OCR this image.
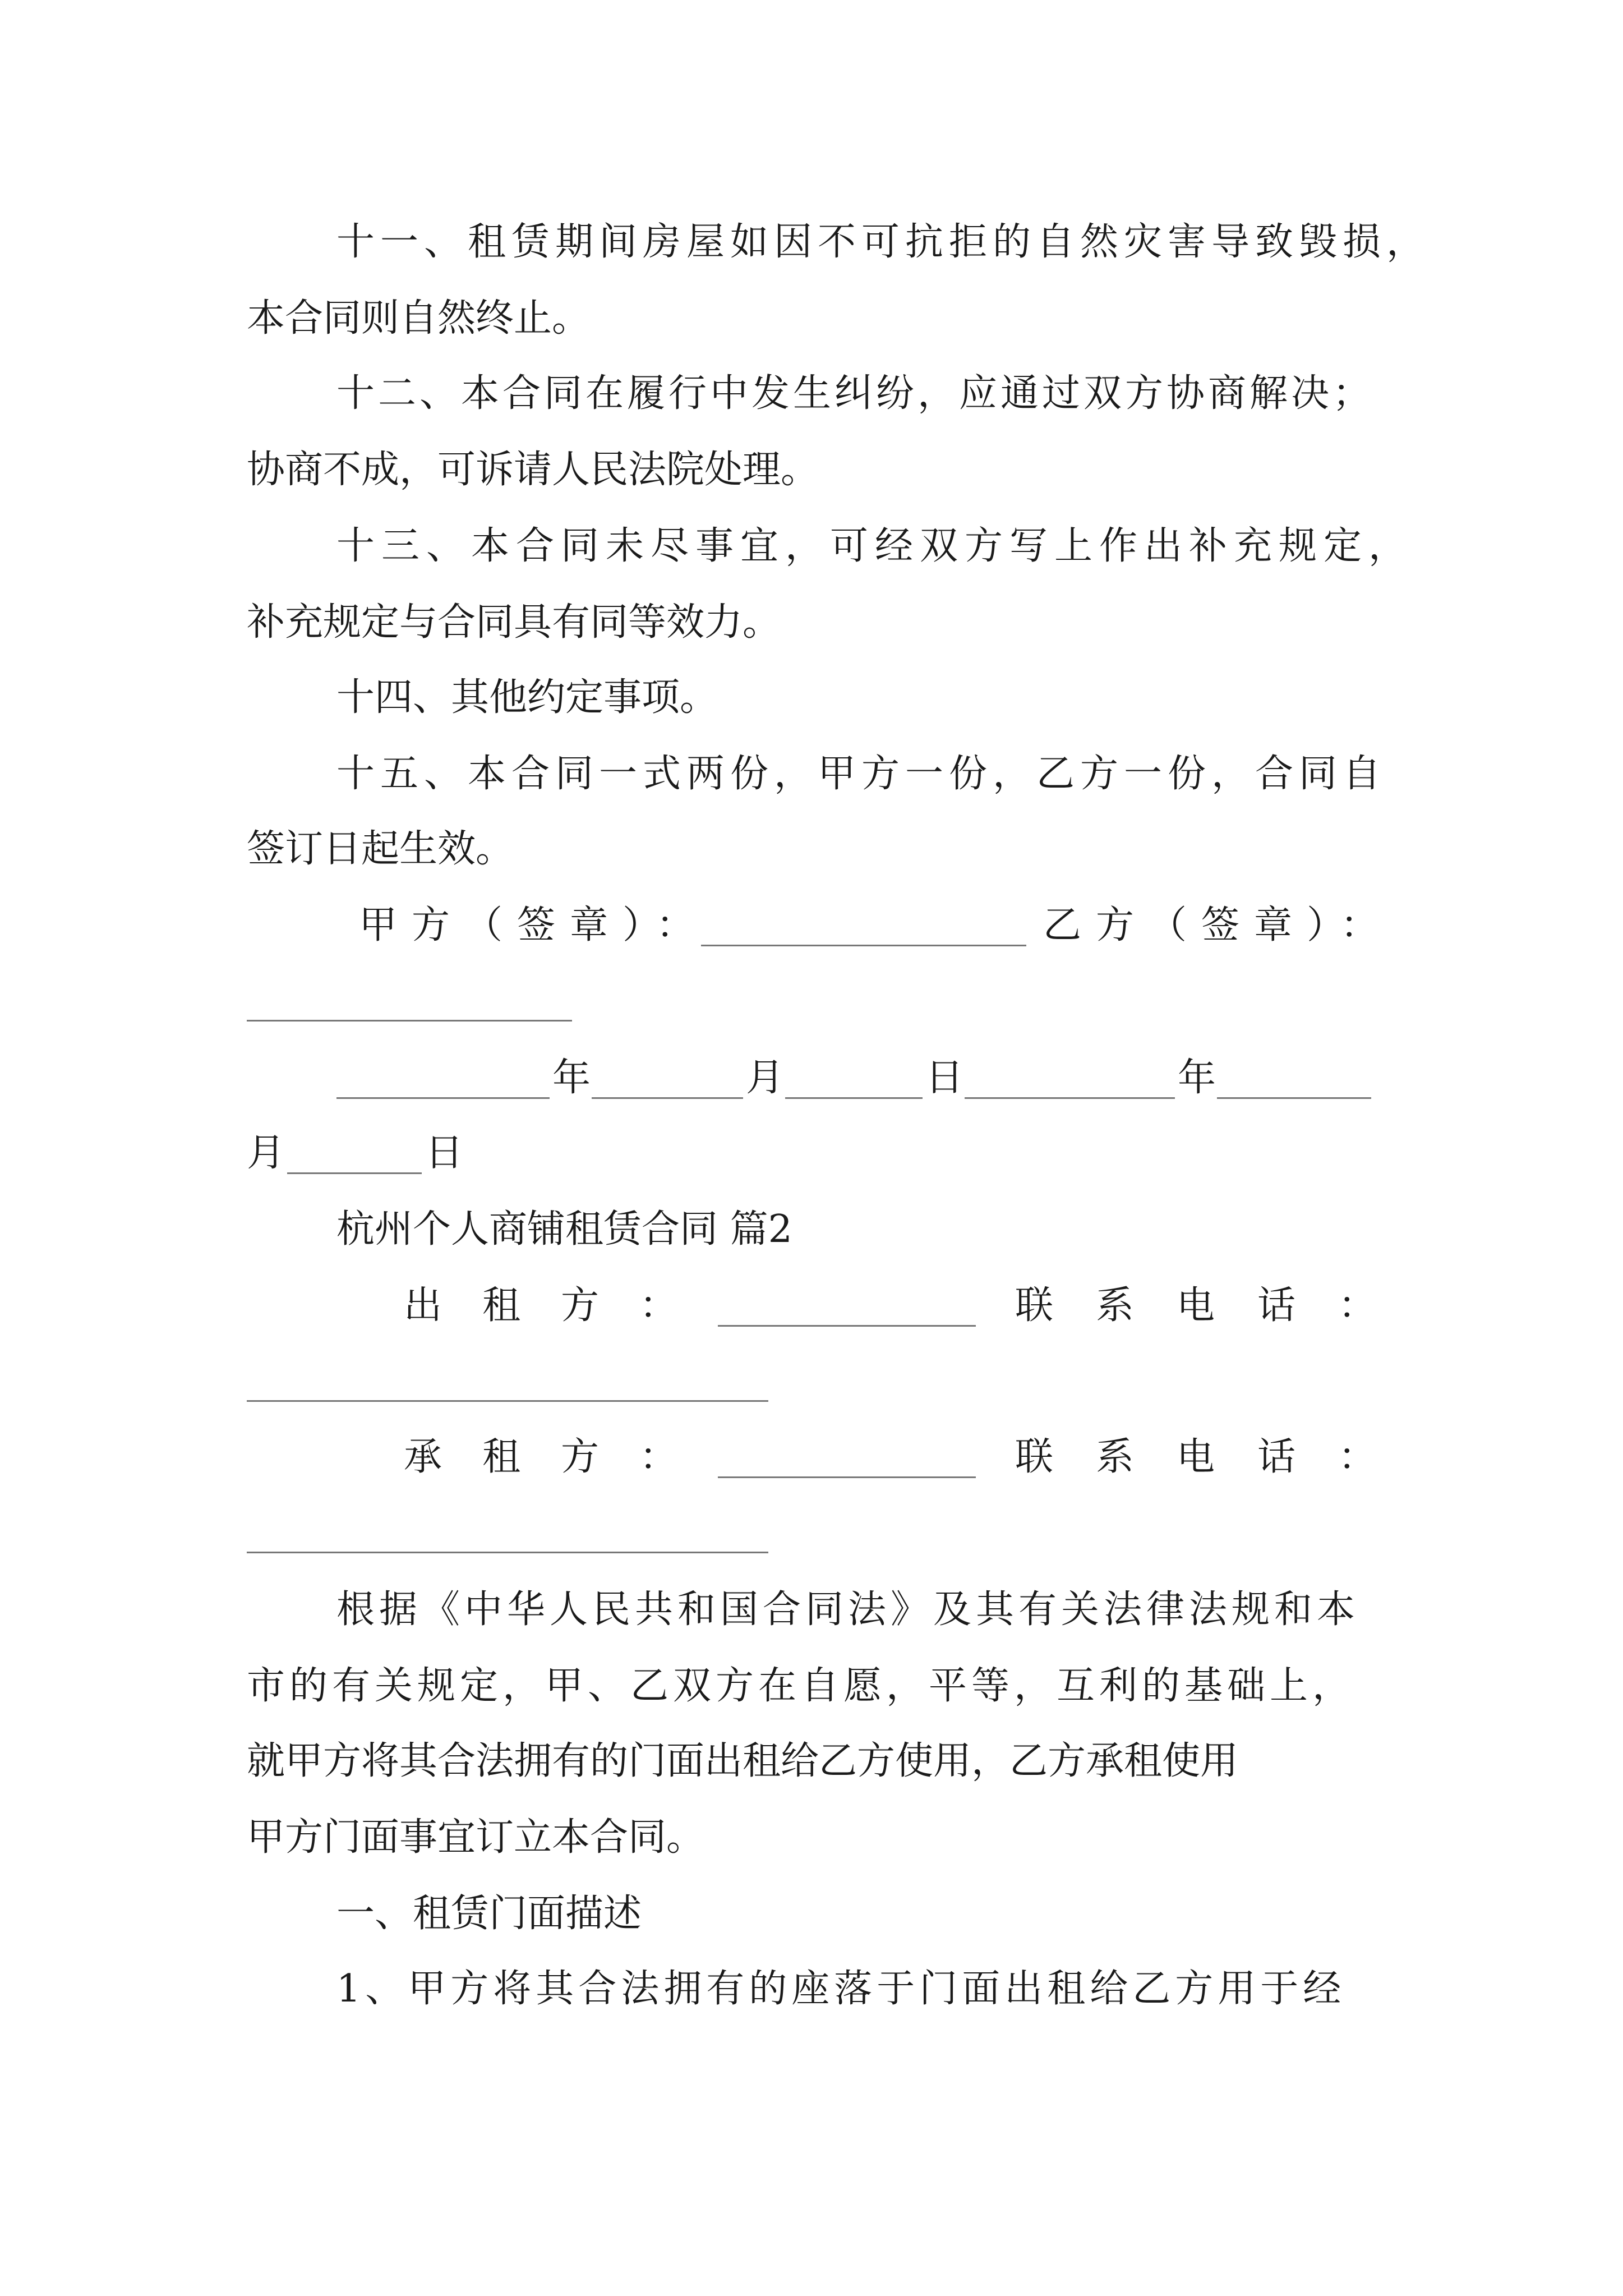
十一、租赁期间房屋如因不可抗拒的自然灾害导致毁损，
本合同则自然终止。
十二、本合同在履行中发生纠纷，应通过双方协商解决；
协商不成，可诉请人民法院处理。
十三、本合同未尽事宜，可经双方写上作出补充规定，
补充规定与合同具有同等效力。
十四、其他约定事项。
十五、本合同一式两份，甲方一份，乙方一份，合同自
签订日起生效。
甲方（签章）：	乙方（签章）：
年	月	日	年
月	日
杭州个人商铺租赁合同 篇2
出租方：	联系电话：
承租方：	联系电话：
根据《中华人民共和国合同法》及其有关法律法规和本
市的有关规定，甲、乙双方在自愿，平等，互利的基础上，
就甲方将其合法拥有的门面出租给乙方使用，乙方承租使用
甲方门面事宜订立本合同。
一、租赁门面描述
1、甲方将其合法拥有的座落于门面出租给乙方用于经
